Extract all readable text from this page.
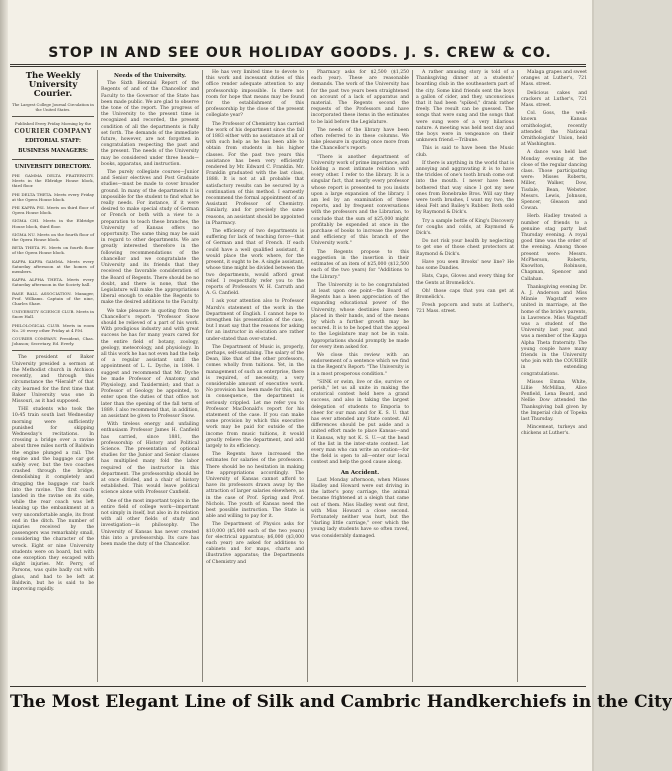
STOP IN AND SEE OUR HOLIDAY GOODS. J. S. CREW & CO.

The Weekly University Courier.

The Largest College Journal Circulation in the United States.

Published Every Friday Morning by the

COURIER COMPANY

EDITORIAL STAFF:

BUSINESS MANAGERS:

UNIVERSITY DIRECTORY.

PHI GAMMA DELTA FRATERNITY. Meets in the Eldridge House block, third floor.

PHI DELTA THETA. Meets every Friday at the Opera House block.

PHI KAPPA PSI. Meets on third floor of Opera House block.

SIGMA CHI. Meets in the Eldridge House block, third floor.

SIGMA NU. Meets on the fourth floor of the Opera House block.

BETA THETA PI. Meets on fourth floor of the Opera House block.

KAPPA KAPPA GAMMA. Meets every Saturday afternoon at the homes of members.

KAPPA ALPHA THETA. Meets every Saturday afternoon in the Society hall.

BASE BALL ASSOCIATION. Manager, Prof. Williams. Captain of the nine, Charles Shaw.

UNIVERSITY SCIENCE CLUB. Meets in Snow Hall.

PHILOLOGICAL CLUB. Meets in room No. 20 every other Friday at 4 P.M.

COURIER COMPANY. President, Chas. Johnson; Secretary, Ed. Everly.

The president of Baker University presided a sermon at the Methodist church in Atchison recently, and through this circumstance the *Herald* of that city learned for the first time that Baker University was one in Missouri, as it had supposed.

THE students who took the 10:45 train south last Wednesday morning were sufficiently punished for skipping Wednesday's recitations. In crossing a bridge over a ravine about three miles north of Baldwin the engine plunged a rail. The engine and the baggage car got safely over, but the two coaches crashed through the bridge, demolishing it completely and dragging the baggage car back into the ravine. The first coach landed in the ravine on its side, while the rear coach was left leaning up the embankment at a very uncomfortable angle, its front end in the ditch. The number of injuries received by the passengers was remarkably small, considering the character of the wreck. Eight or nine University students were on board, but with one exception they escaped with slight injuries. Mr. Perry, of Parsons, was quite badly cut with glass, and had to be left at Baldwin, but he is said to be improving rapidly.

Needs of the University.

The Sixth Biennial Report of the Regents of and of the Chancellor and Faculty to the Governor of the State has been made public. We are glad to observe the tone of the report. The progress of the University to the present time is recognized and recorded, the present condition of all the departments is fully set forth. The demands of the immediate future, however, are not forgotten in congratulation respecting the past and the present. The needs of the University may be considered under three heads—books, apparatus, and instruction.

The purely collegiate courses—Junior and Senior electives and Post Graduate studies—must be made to cover broader ground. In many of the departments it is impossible for the student to find what he really needs. For instance, if it were desired to make special study of German or French or both with a view to a preparation to teach these branches, the University of Kansas offers no opportunity. The same thing may be said in regard to other departments. We are greatly interested therefore in the following recommendations of the chancellor and we congratulate the University and its friends that they received the favorable consideration of the Board of Regents. There should be no doubt, and there is none, that the Legislature will make the appropriations liberal enough to enable the Regents to make the desired additions to the Faculty.

We take pleasure in quoting from the Chancellor's report: "Professor Snow should be relieved of a part of his work. With prodigious industry and with great success he has for many years cared for the entire field of botany, zoology, geology, meteorology, and physiology. In all this work he has not even had the help of a regular assistant until the appointment of L. L. Dyche, in 1884. I suggest and recommend that Mr. Dyche be made Professor of Anatomy and Physiology, and Taxidermist; and that a Professor of Geology be appointed, to enter upon the duties of that office not later than the opening of the fall term of 1889. I also recommend that, in addition, an assistant be given to Professor Snow.

With tireless energy and unfailing enthusiasm Professor James H. Canfield has carried, since 1881, the professorship of History and Political Science. The presentation of optional studies for the Junior and Senior classes has multiplied many fold the labor required of the instructor in this department. The professorship should be at once divided, and a chair of history established. This would leave political science alone with Professor Canfield.

One of the most important topics in the entire field of college work—important not simply in itself, but also in its relation with all other fields of study and investigation—is philosophy. The University of Kansas has never created this into a professorship. Its care has been made the duty of the Chancellor.

He has very limited time to devote to this work and incessant duties of this office render adequate attention to any professorship impossible. Is there not room for hope that means may be found for the establishment of this professorship by the close of the present collegiate year?

The Professor of Chemistry has carried the work of his department since the fall of 1883 either with no assistance at all or with such help as he has been able to obtain from students in his higher classes. For the past two years this assistance has been very efficiently rendered by Mr. Edward C. Franklin. Mr. Franklin graduated with the last class, 1888. It is not at all probable that satisfactory results can be secured by a continuation of this method. I earnestly recommend the formal appointment of an Assistant Professor of Chemistry. Similarly, and for precisely the same reasons, an assistant should be appointed in Pharmacy.

The efficiency of two departments is suffering for lack of teaching force—that of German and that of French. If each could have a well qualified assistant, it would place the work where, for the present, it ought to be. A single assistant, whose time might be divided between the two departments, would afford great relief. I respectfully refer you to the reports of Professors W. H. Carruth and A. G. Canfield.

I ask your attention also to Professor Marsh's statement of the work in the Department of English. I cannot hope to strengthen his presentation of the case, but I must say that the reasons for asking for an instructor in elocution are rather under-stated than over-stated.

The Department of Music is, properly, perhaps, self-sustaining. The salary of the Dean, like that of the other professors, comes wholly from tuitions. Yet, in the management of such an enterprise, there is required, of necessity, a very considerable amount of executive work. No provision has been made for this, and, in consequence, the department is seriously crippled. Let me refer you to Professor MacDonald's report for his statement of the case. If you can make some provision by which this executive work may be paid for outside of the income from music tuitions, it would greatly relieve the department, and add largely to its efficiency.

The Regents have increased the estimates for salaries of the professors. There should be no hesitation in making the appropriations accordingly. The University of Kansas cannot afford to have its professors drawn away by the attraction of larger salaries elsewhere, as in the case of Prof. Spring and Prof. Nichols. The youth of Kansas need the best possible instruction. The State is able and willing to pay for it.

The Department of Physics asks for $10,000 ($5,000 each of the two years) for electrical apparatus; $6,000 ($3,000 each year) are asked for additions to cabinets and for maps, charts and illustrative apparatus; the Departments of Chemistry and

Pharmacy asks for $2,500 ($1,250 each year). These are reasonable demands. The work of the University has for the past two years been straightened on account of a lack of apparatus and material. The Regents second the requests of the Professors and have incorporated these items in the estimates to be laid before the Legislature.

The needs of the library have been often referred to in these columns. We take pleasure in quoting once more from the Chancellor's report:

"There is another department of University work of prime importance, and holding a most intimate relation with every other. I refer to the library. It is a singular fact, that nearly every professor whose report is presented to you insists upon a large expansion of the library. I am led by an examination of these reports, and by frequent conversations with the professors and the Librarian, to conclude that the sum of $25,000 might profitably be expended at once in the purchase of books to increase the power and efficiency of this branch of the University work."

The Regents propose to this suggestion in the insertion in their estimates of an item of $25,000 ($12,500 each of the two years) for "Additions to the Library."

The University is to be congratulated at least upon one point—the Board of Regents has a keen appreciation of the expanding educational power of the University, whose destinies have been placed in their hands, and of the means by which a further growth may be secured. It is to be hoped that the appeal to the Legislature may not be in vain. Appropriations should promptly be made for every item asked for.

We close this review with an endorsement of a sentence which we find in the Regent's Report: "The University is in a most prosperous condition."

"SINK or swim, live or die, survive or perish," let us all unite in making the oratorical contest held here a grand success, and also in taking the largest delegation of students to Emporia to cheer for our man and for K. S. U. that has ever attended any State contest. All differences should be put aside and a united effort made to place Kansas—and it Kansas, why not K. S. U.—at the head of the list in the inter-state contest. Let every man who can write an oration—for the field is open to all—enter our local contest and help the good cause along.

An Accident.

Last Monday afternoon, when Misses Hadley and Howard were out driving in the latter's pony carriage, the animal became frightened at a sleigh that came out of them. Miss Hadley went out first, with Miss Howard a close second. Fortunately neither was hurt, but the "darling little carriage," over which the young lady students have so often raved, was considerably damaged.

A rather amusing story is told of a Thanksgiving dinner at a students' boarding club in the southeastern part of the city. Some kind friends sent the boys a gallon of cider, and they, unconscious that it had been "spiked," drank rather freely. The result can be guessed. The songs that were sung and the songs that were sung were of a very hilarious nature. A meeting was held next day and the boys were in vengeance on their unknown friend.—Tribune.

This is said to have been the Music club.

If there is anything in the world that is annoying and aggravating it is to have the trickles of one's tooth brush come out into the mouth. I never have been bothered that way since I got my new ones from Bonebrake Bros. Will say they were tooth brushes, I want my two, the ideal Felt and Bailey's Rubber. Both sold by Raymond & Dick's.

Try a sample bottle of King's Discovery for coughs and colds, at Raymond & Dick's.

Do not risk your health by neglecting to get one of those chest protectors at Raymond & Dick's.

Have you seen Brooks' new line? He has some Dandies.

Hats, Caps, Gloves and every thing for the Gents at Bromelick's.

Oh! those caps that you can get at Bromelick's.

Fresh popcorn and nuts at Luther's, 721 Mass. street.

Malaga grapes and sweet oranges at Luther's, 721 Mass. street.

Delicious cakes and crackers at Luther's, 721 Mass. street.

Col. Goss, the well-known Kansas ornithologist, recently attended the National Ornithologists' Union, held at Washington.

A dance was held last Monday evening at the close of the regular dancing class. Those participating were: Misses Roberts, Miller, Walker, Dow, Tisdale, Bean, Webster. Messrs. Lewis, Johnson, Spencer, Gleason and Cowan.

Herb. Hadley treated a number of friends to a genuine stag party last Thursday evening. A royal good time was the order of the evening. Among those present were: Messrs. McPherson, Roberts, Knowlton, Robinson, Chapman, Spencer and Callahan.

Thanksgiving evening Dr. A. J. Anderson and Miss Minnie Wagstaff were united in marriage, at the home of the bride's parents, in Lawrence. Miss Wagstaff was a student of the University last year, and was a member of the Kappa Alpha Theta fraternity. The young couple have many friends in the University who join with the COURIER in extending congratulations.

Misses Emma White, Lillie McMillan, Alice Penfield, Lena Beard, and Nellie Dow attended the Thanksgiving ball given by the Imperial club of Topeka last Thursday.

Mincemeat, turkeys and chickens at Luther's.

The Most Elegant Line of Silk and Cambric Handkerchiefs in the City
